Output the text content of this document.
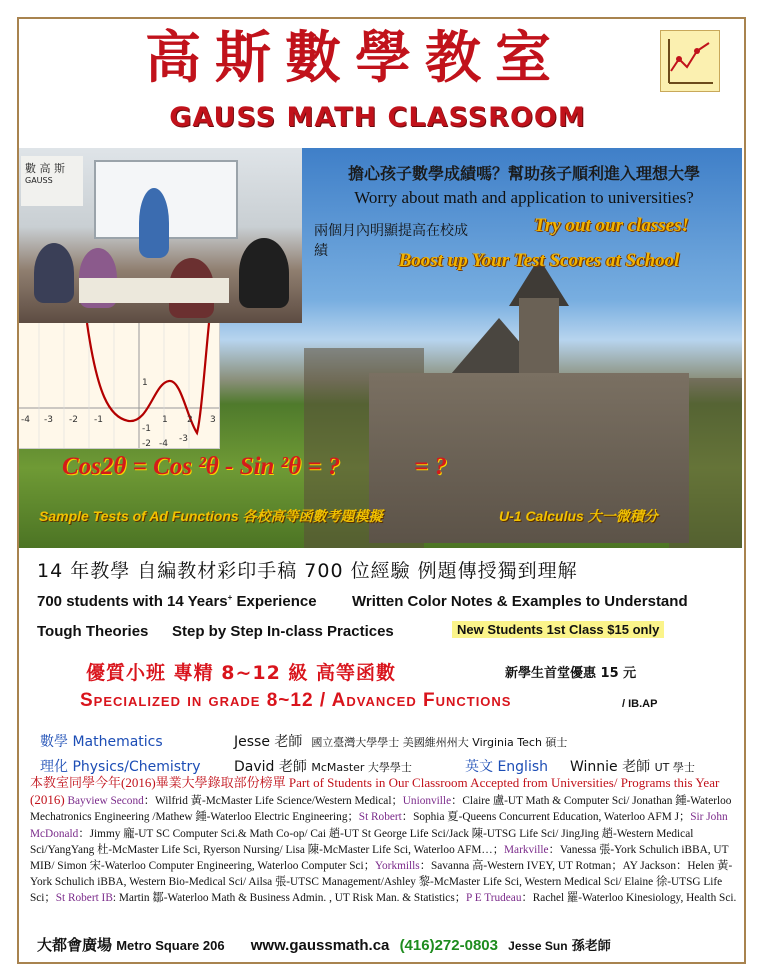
高斯數學教室
GAUSS MATH CLASSROOM
數 高 斯
GAUSS
-4 -3 -2 -1	1 2 3
1
-1
-2	-3
-4
擔心孩子數學成績嗎？幫助孩子順利進入理想大學
Worry about math and application to universities?
兩個月內明顯提高在校成績
Try out our classes!
Boost up Your Test Scores at School
Cos2θ = Cos ²θ - Sin ²θ = ?	= ?
Sample Tests of Ad Functions 各校高等函數考題模擬	U-1 Calculus 大一微積分
14 年教學 自編教材彩印手稿 700 位經驗 例題傳授獨到理解
700 students with 14 Years+ Experience Written Color Notes & Examples to Understand
Tough Theories Step by Step In-class Practices	New Students 1st Class $15 only
優質小班 專精 8~12 級 高等函數	新學生首堂優惠 15 元
Specialized in grade 8~12 / Advanced Functions	/ IB.AP
數學 Mathematics	Jesse 老師 國立臺灣大學學士 美國維州州大 Virginia Tech 碩士
理化 Physics/Chemistry David 老師 McMaster 大學學士	英文 English Winnie 老師 UT 學士
本教室同學今年(2016)畢業大學錄取部份榜單 Part of Students in Our Classroom Accepted from Universities/ Programs this Year (2016) Bayview Second：Wilfrid 黃-McMaster Life Science/Western Medical；Unionville：Claire 盧-UT Math & Computer Sci/ Jonathan 鍾-Waterloo Mechatronics Engineering /Mathew 鍾-Waterloo Electric Engineering；St Robert：Sophia 夏-Queens Concurrent Education, Waterloo AFM J；Sir John McDonald：Jimmy 龐-UT SC Computer Sci.& Math Co-op/ Cai 趙-UT St George Life Sci/Jack 陳-UTSG Life Sci/ JingJing 趙-Western Medical Sci/YangYang 杜-McMaster Life Sci, Ryerson Nursing/ Lisa 陳-McMaster Life Sci, Waterloo AFM…；Markville：Vanessa 張-York Schulich iBBA, UT MIB/ Simon 宋-Waterloo Computer Engineering, Waterloo Computer Sci；Yorkmills：Savanna 高-Western IVEY, UT Rotman；AY Jackson：Helen 黃-York Schulich iBBA, Western Bio-Medical Sci/ Ailsa 張-UTSC Management/Ashley 黎-McMaster Life Sci, Western Medical Sci/ Elaine 徐-UTSG Life Sci；St Robert IB: Martin 鄒-Waterloo Math & Business Admin. , UT Risk Man. & Statistics；P E Trudeau：Rachel 羅-Waterloo Kinesiology, Health Sci.
大都會廣場 Metro Square 206 www.gaussmath.ca (416)272-0803 Jesse Sun 孫老師
